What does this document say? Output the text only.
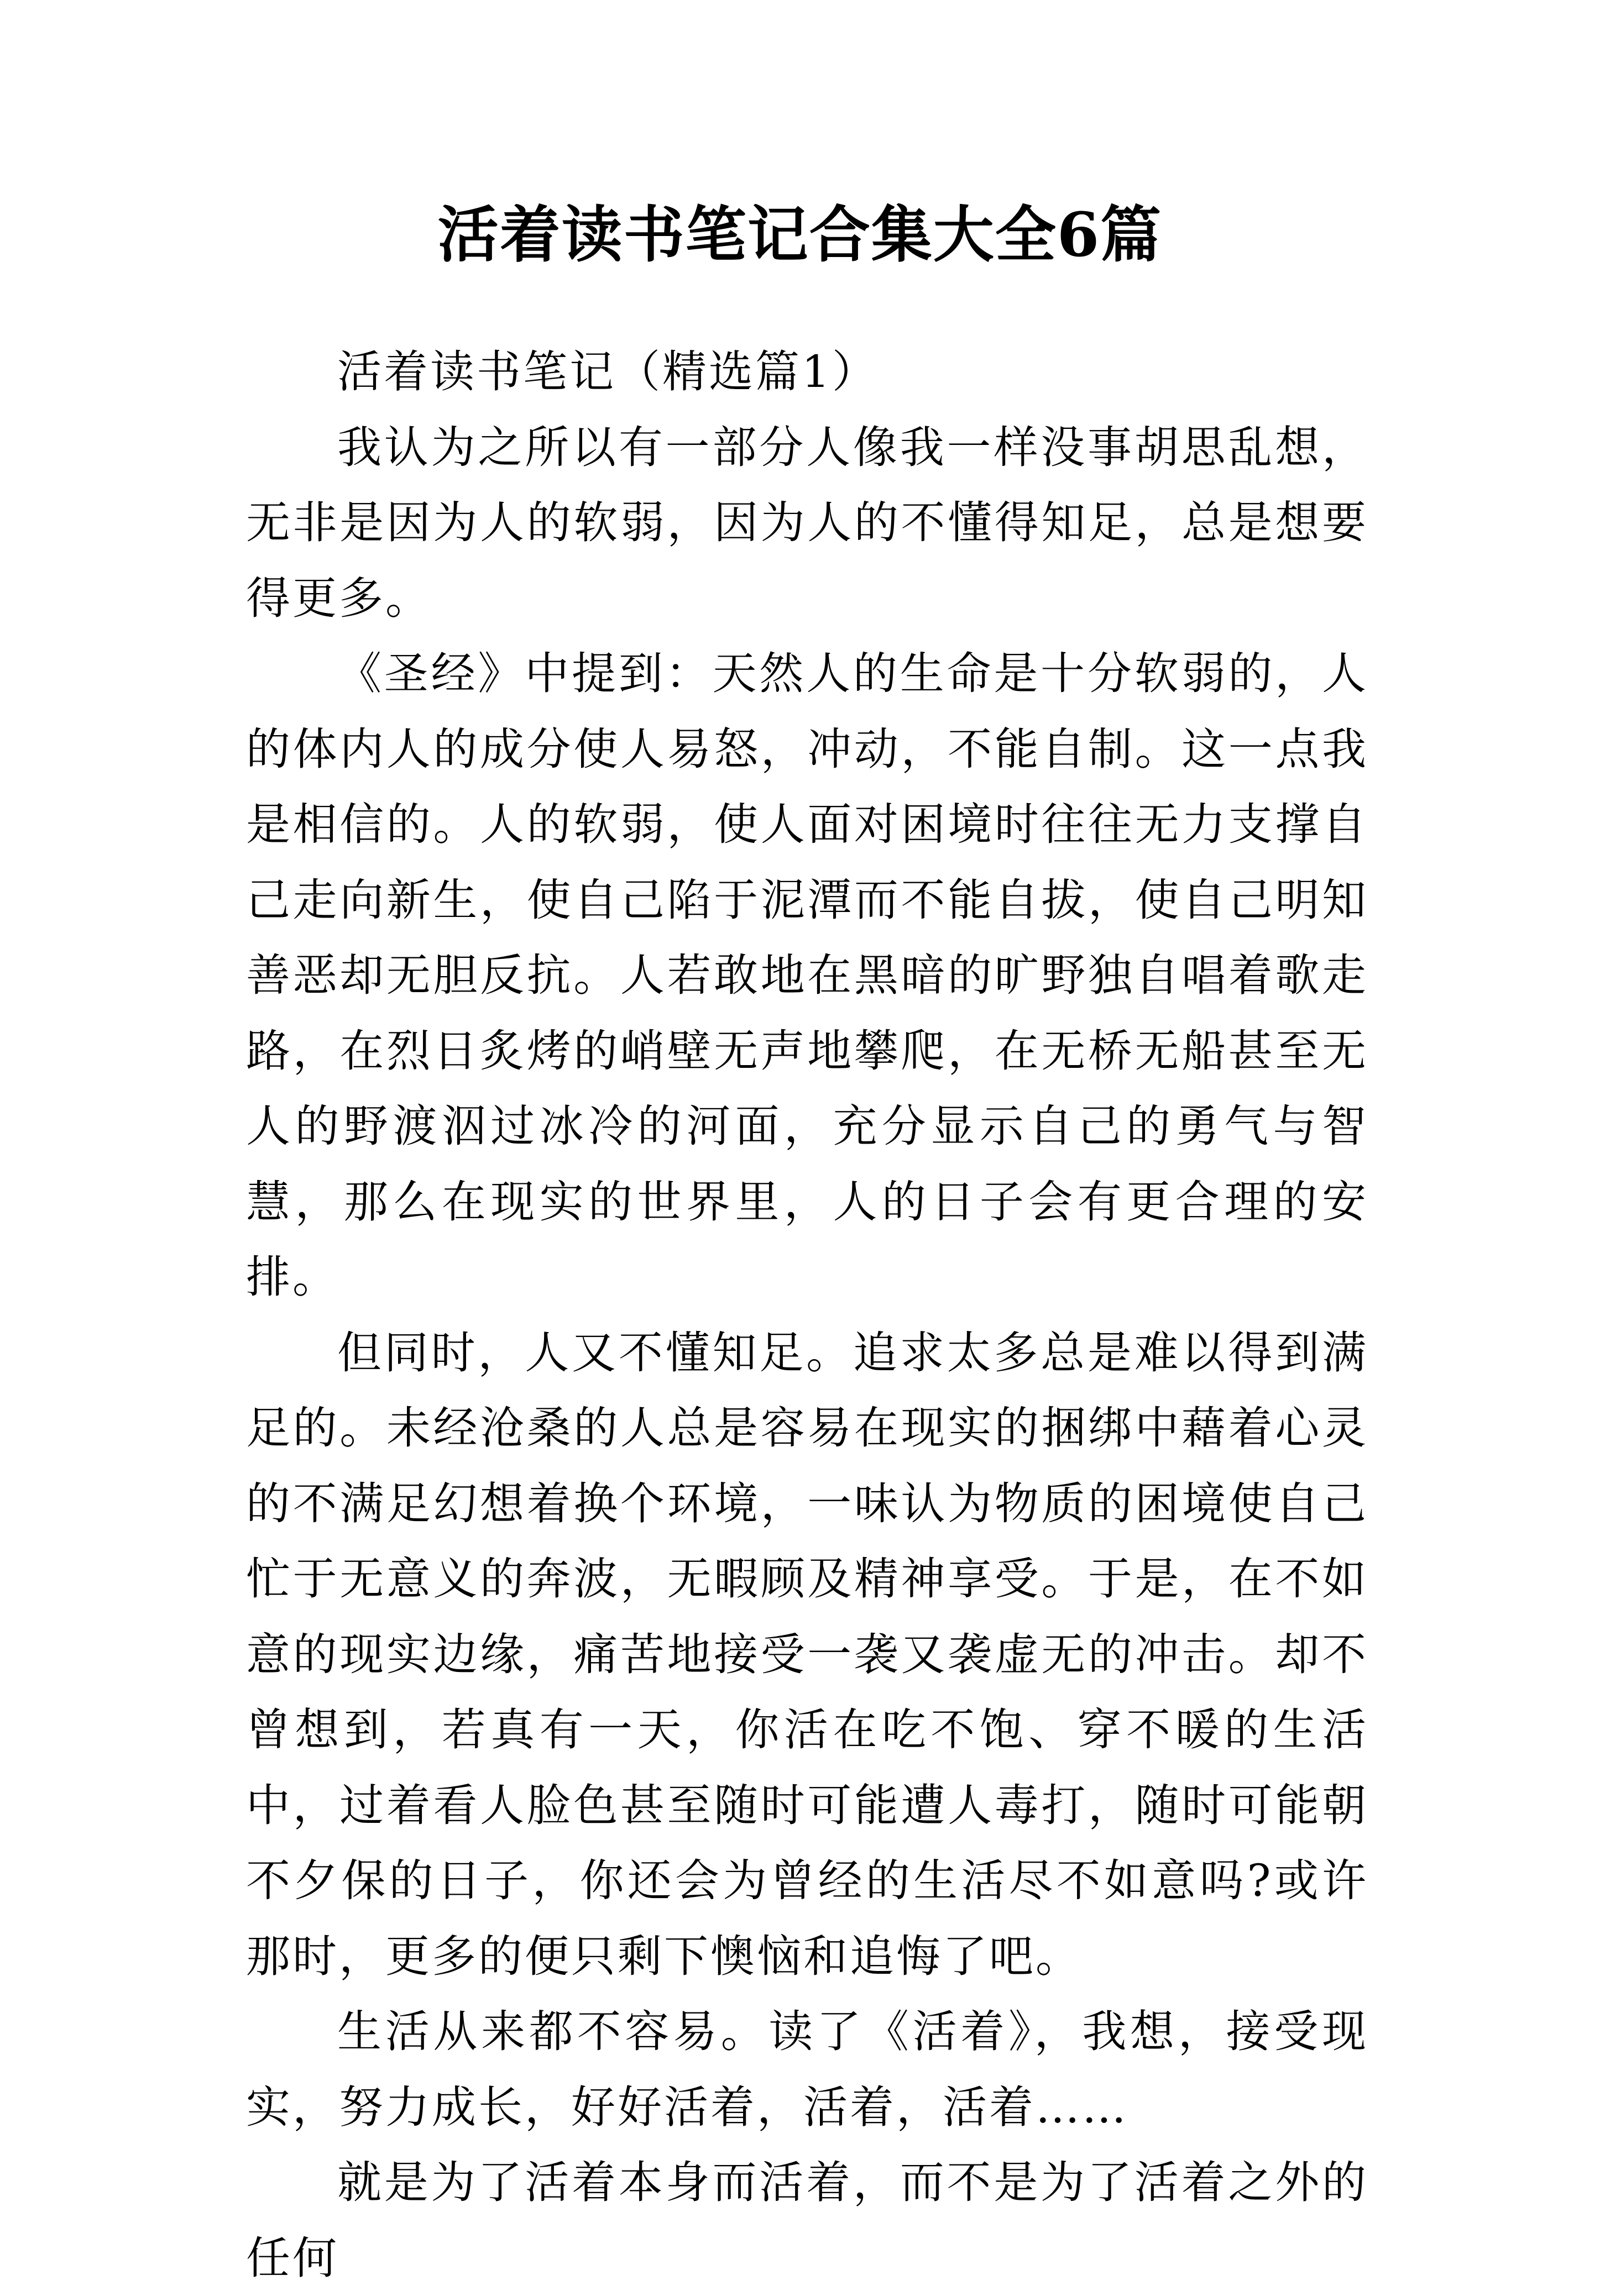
活着读书笔记合集大全6篇

活着读书笔记（精选篇1）

我认为之所以有一部分人像我一样没事胡思乱想，无非是因为人的软弱，因为人的不懂得知足，总是想要得更多。

《圣经》中提到：天然人的生命是十分软弱的，人的体内人的成分使人易怒，冲动，不能自制。这一点我是相信的。人的软弱，使人面对困境时往往无力支撑自己走向新生，使自己陷于泥潭而不能自拔，使自己明知善恶却无胆反抗。人若敢地在黑暗的旷野独自唱着歌走路，在烈日炙烤的峭壁无声地攀爬，在无桥无船甚至无人的野渡泅过冰冷的河面，充分显示自己的勇气与智慧，那么在现实的世界里，人的日子会有更合理的安排。

但同时，人又不懂知足。追求太多总是难以得到满足的。未经沧桑的人总是容易在现实的捆绑中藉着心灵的不满足幻想着换个环境，一味认为物质的困境使自己忙于无意义的奔波，无暇顾及精神享受。于是，在不如意的现实边缘，痛苦地接受一袭又袭虚无的冲击。却不曾想到，若真有一天，你活在吃不饱、穿不暖的生活中，过着看人脸色甚至随时可能遭人毒打，随时可能朝不夕保的日子，你还会为曾经的生活尽不如意吗?或许那时，更多的便只剩下懊恼和追悔了吧。

生活从来都不容易。读了《活着》，我想，接受现实，努力成长，好好活着，活着，活着……

就是为了活着本身而活着，而不是为了活着之外的任何
